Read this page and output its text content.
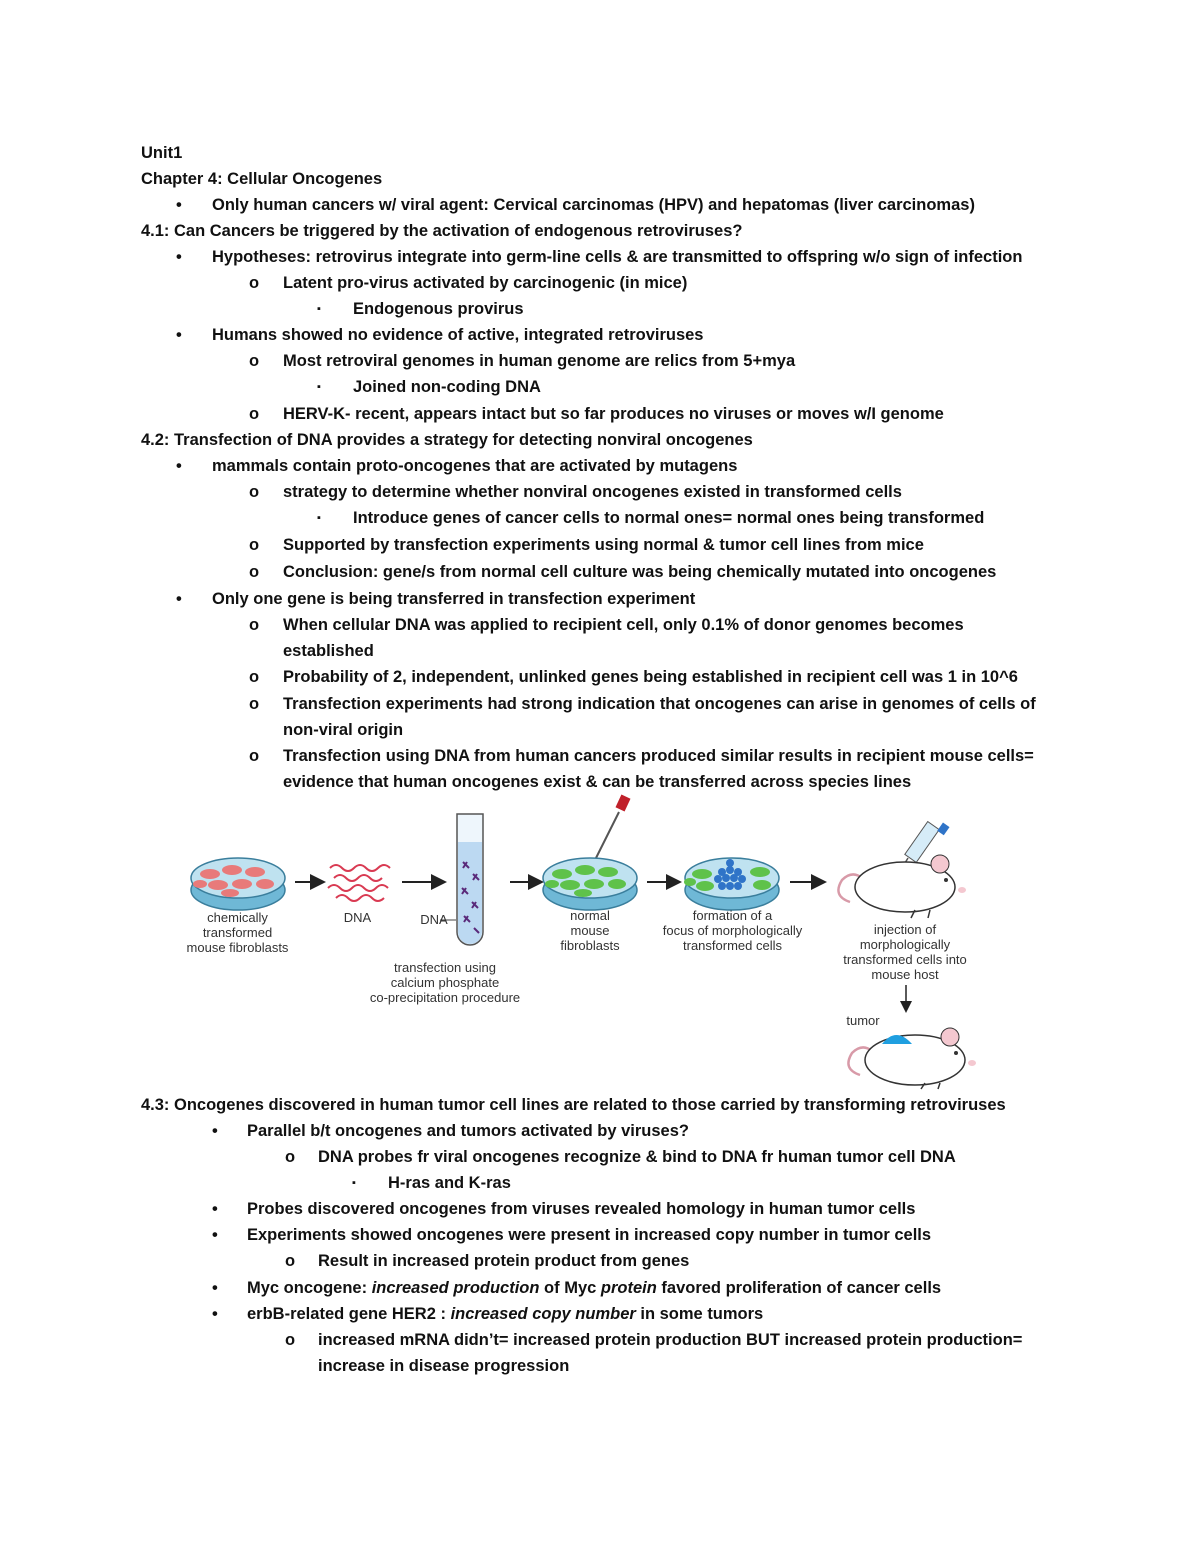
Unit1
Chapter 4: Cellular Oncogenes
• Only human cancers w/ viral agent: Cervical carcinomas (HPV) and hepatomas (liver carcinomas)
4.1: Can Cancers be triggered by the activation of endogenous retroviruses?
• Hypotheses: retrovirus integrate into germ-line cells & are transmitted to offspring w/o sign of infection
o Latent pro-virus activated by carcinogenic (in mice)
▪ Endogenous provirus
• Humans showed no evidence of active, integrated retroviruses
o Most retroviral genomes in human genome are relics from 5+mya
▪ Joined non-coding DNA
o HERV-K- recent, appears intact but so far produces no viruses or moves w/I genome
4.2: Transfection of DNA provides a strategy for detecting nonviral oncogenes
• mammals contain proto-oncogenes that are activated by mutagens
o strategy to determine whether nonviral oncogenes existed in transformed cells
▪ Introduce genes of cancer cells to normal ones= normal ones being transformed
o Supported by transfection experiments using normal & tumor cell lines from mice
o Conclusion: gene/s from normal cell culture was being chemically mutated into oncogenes
• Only one gene is being transferred in transfection experiment
o When cellular DNA was applied to recipient cell, only 0.1% of donor genomes becomes
established
o Probability of 2, independent, unlinked genes being established in recipient cell was 1 in 10^6
o Transfection experiments had strong indication that oncogenes can arise in genomes of cells of
non-viral origin
o Transfection using DNA from human cancers produced similar results in recipient mouse cells=
evidence that human oncogenes exist & can be transferred across species lines
chemically
transformed
mouse fibroblasts
DNA	DNA
transfection using
calcium phosphate
co-precipitation procedure
normal
mouse
fibroblasts
formation of a
focus of morphologically
transformed cells
injection of
morphologically
transformed cells into
mouse host
tumor
4.3: Oncogenes discovered in human tumor cell lines are related to those carried by transforming retroviruses
• Parallel b/t oncogenes and tumors activated by viruses?
o DNA probes fr viral oncogenes recognize & bind to DNA fr human tumor cell DNA
▪ H-ras and K-ras
• Probes discovered oncogenes from viruses revealed homology in human tumor cells
• Experiments showed oncogenes were present in increased copy number in tumor cells
o Result in increased protein product from genes
• Myc oncogene: increased production of Myc protein favored proliferation of cancer cells
• erbB-related gene HER2 : increased copy number in some tumors
o increased mRNA didn’t= increased protein production BUT increased protein production=
increase in disease progression
